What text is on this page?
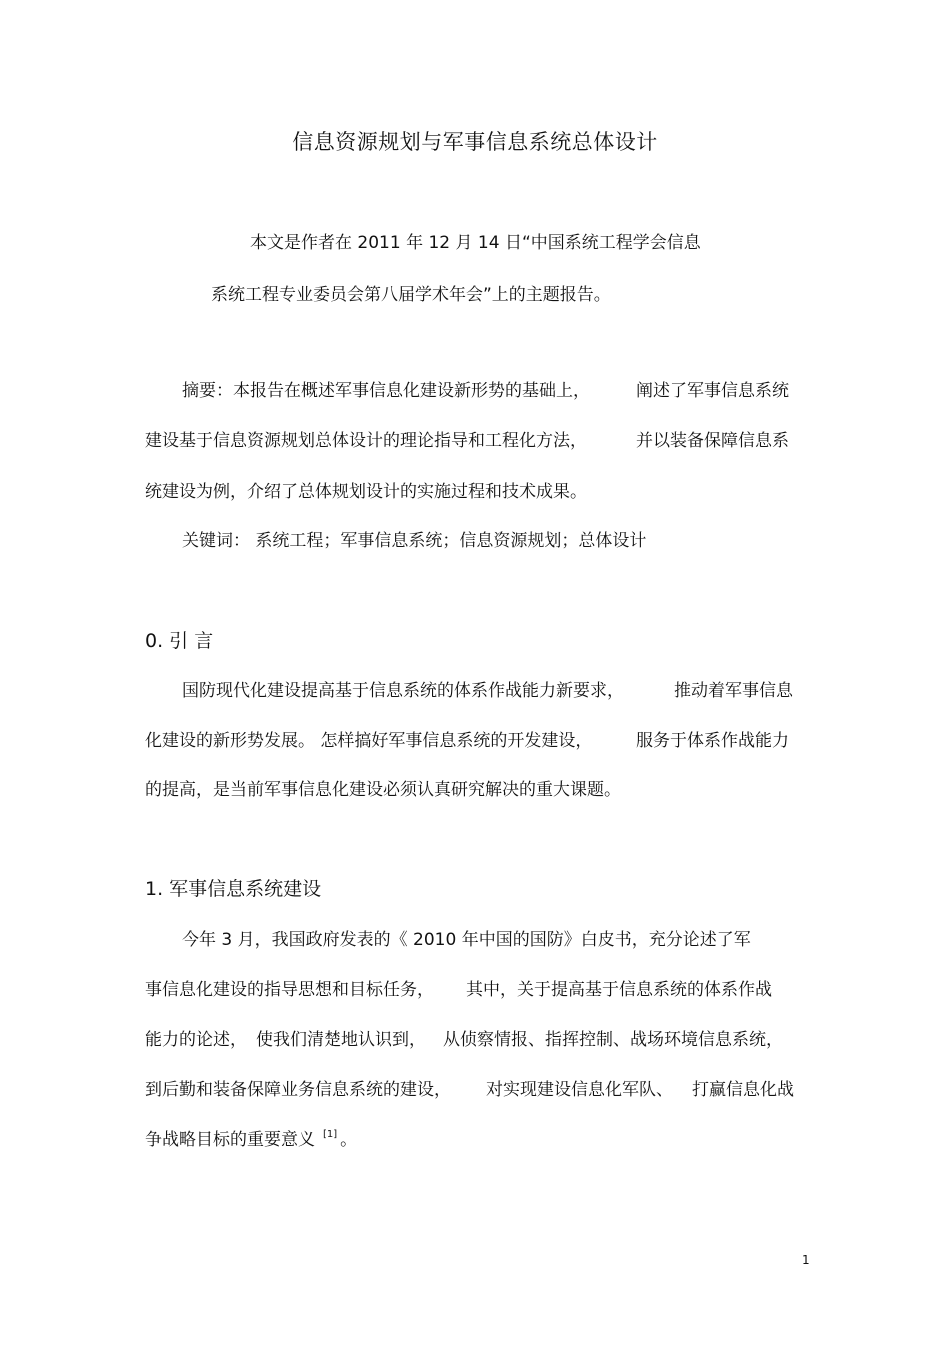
信息资源规划与军事信息系统总体设计
本文是作者在 2011 年 12 月 14 日“中国系统工程学会信息
系统工程专业委员会第八届学术年会”上的主题报告。
摘要：本报告在概述军事信息化建设新形势的基础上，	阐述了军事信息系统
建设基于信息资源规划总体设计的理论指导和工程化方法，	并以装备保障信息系
统建设为例，介绍了总体规划设计的实施过程和技术成果。
关键词： 系统工程；军事信息系统；信息资源规划；总体设计
0. 引 言
国防现代化建设提高基于信息系统的体系作战能力新要求，	推动着军事信息
化建设的新形势发展。 怎样搞好军事信息系统的开发建设，	服务于体系作战能力
的提高，是当前军事信息化建设必须认真研究解决的重大课题。
1. 军事信息系统建设
今年 3 月，我国政府发表的《 2010 年中国的国防》白皮书，充分论述了军
事信息化建设的指导思想和目标任务， 其中，关于提高基于信息系统的体系作战
能力的论述， 使我们清楚地认识到， 从侦察情报、指挥控制、战场环境信息系统，
到后勤和装备保障业务信息系统的建设， 对实现建设信息化军队、 打赢信息化战
争战略目标的重要意义 [1] 。
1
